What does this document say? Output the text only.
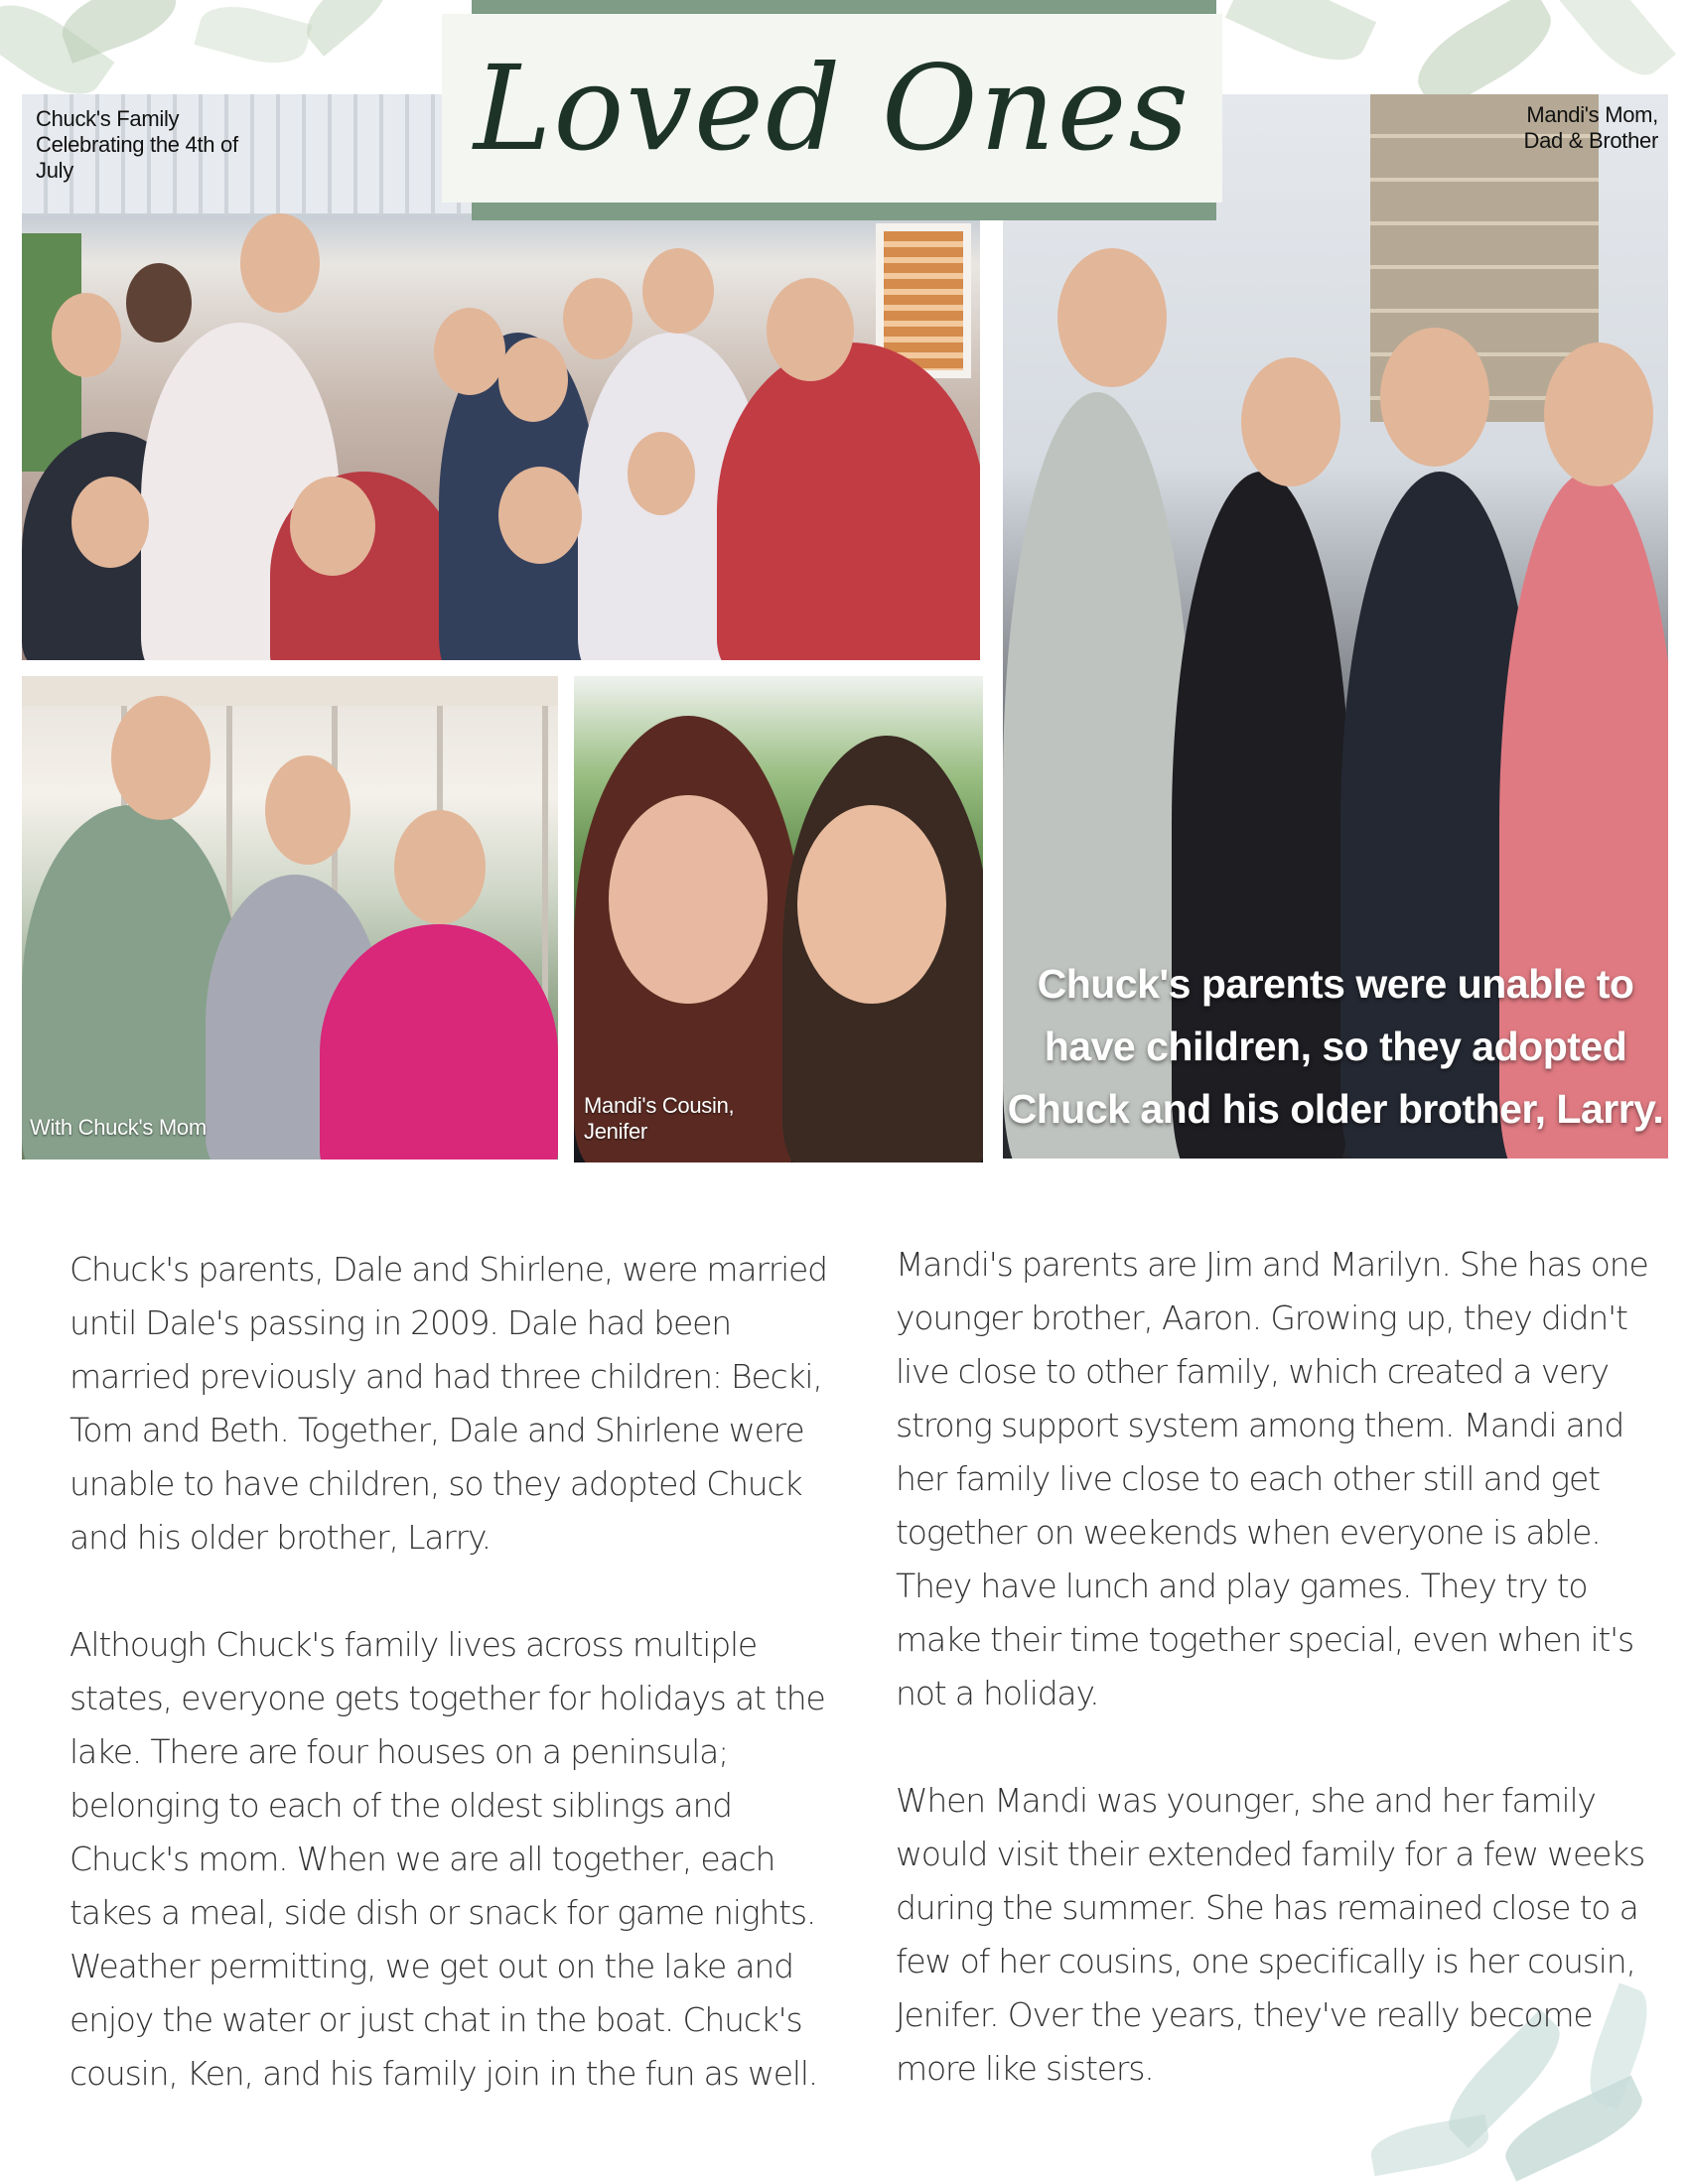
Chuck's Family Celebrating the 4th of July
Mandi's Mom, Dad & Brother
Chuck's parents were unable to have children, so they adopted Chuck and his older brother, Larry.
With Chuck's Mom
Mandi's Cousin, Jenifer
Loved Ones

Chuck's parents, Dale and Shirlene, were married until Dale's passing in 2009. Dale had been married previously and had three children: Becki, Tom and Beth. Together, Dale and Shirlene were unable to have children, so they adopted Chuck and his older brother, Larry.

Although Chuck's family lives across multiple states, everyone gets together for holidays at the lake. There are four houses on a peninsula; belonging to each of the oldest siblings and Chuck's mom. When we are all together, each takes a meal, side dish or snack for game nights. Weather permitting, we get out on the lake and enjoy the water or just chat in the boat. Chuck's cousin, Ken, and his family join in the fun as well.

Mandi's parents are Jim and Marilyn. She has one younger brother, Aaron. Growing up, they didn't live close to other family, which created a very strong support system among them. Mandi and her family live close to each other still and get together on weekends when everyone is able. They have lunch and play games. They try to make their time together special, even when it's not a holiday.

When Mandi was younger, she and her family would visit their extended family for a few weeks during the summer. She has remained close to a few of her cousins, one specifically is her cousin, Jenifer. Over the years, they've really become more like sisters.
